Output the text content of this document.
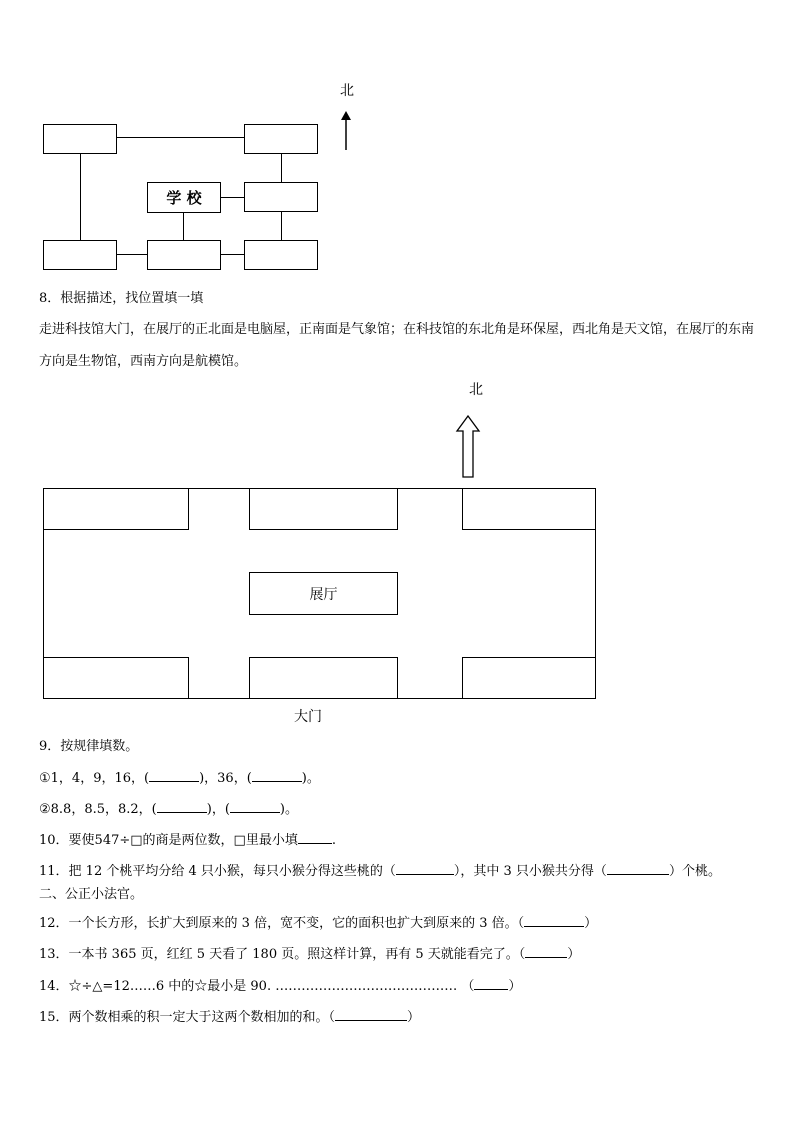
北
学 校
8．根据描述，找位置填一填
走进科技馆大门，在展厅的正北面是电脑屋，正南面是气象馆；在科技馆的东北角是环保屋，西北角是天文馆，在展厅的东南方向是生物馆，西南方向是航模馆。
北
展厅
大门
9．按规律填数。
①1，4，9，16，(	)，36，(	)。
②8.8，8.5，8.2，(	)，(	)。
10．要使547÷□的商是两位数，□里最小填	.
11．把 12 个桃平均分给 4 只小猴，每只小猴分得这些桃的（	），其中 3 只小猴共分得（	）个桃。
二、公正小法官。
12．一个长方形，长扩大到原来的 3 倍，宽不变，它的面积也扩大到原来的 3 倍。（	）
13．一本书 365 页，红红 5 天看了 180 页。照这样计算，再有 5 天就能看完了。（	）
14．☆÷△=12……6 中的☆最小是 90. …………………………………… （	）
15．两个数相乘的积一定大于这两个数相加的和。（	）
